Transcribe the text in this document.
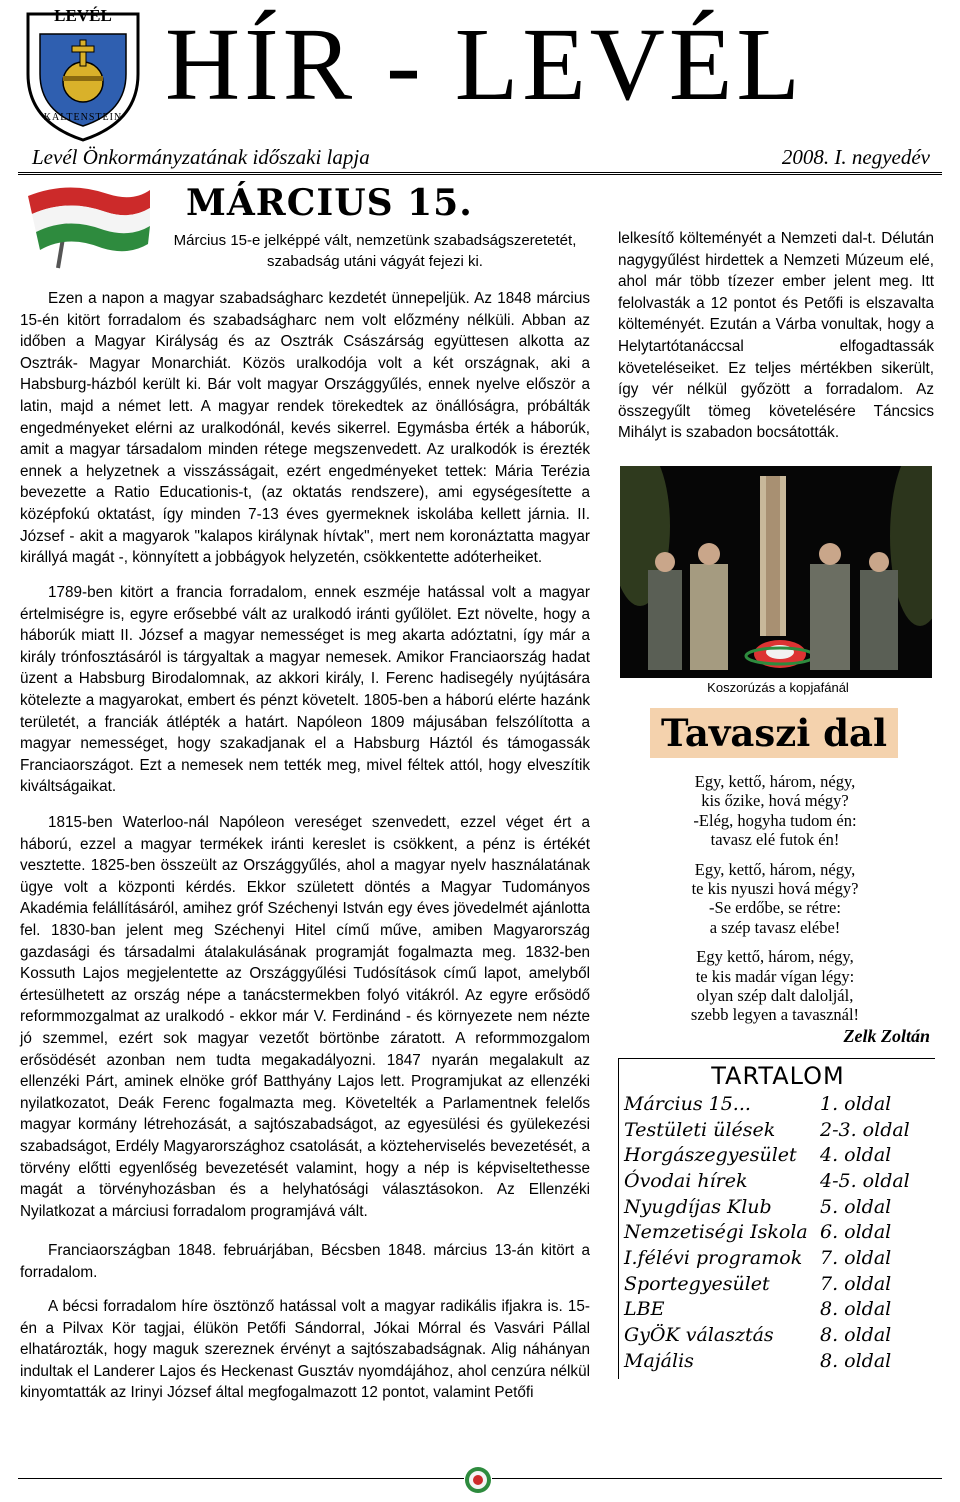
LEVÉL
KALTENSTEIN HÍR - LEVÉL
Levél Önkormányzatának időszaki lapja	2008. I. negyedév
MÁRCIUS 15.
Március 15-e jelképpé vált, nemzetünk szabadságszeretetét, szabadság utáni vágyát fejezi ki.

Ezen a napon a magyar szabadságharc kezdetét ünnepeljük. Az 1848 március 15-én kitört forradalom és szabadságharc nem volt előzmény nélküli. Abban az időben a Magyar Királyság és az Osztrák Császárság együttesen alkotta az Osztrák- Magyar Monarchiát. Közös uralkodója volt a két országnak, aki a Habsburg-házból került ki. Bár volt magyar Országgyűlés, ennek nyelve először a latin, majd a német lett. A magyar rendek törekedtek az önállóságra, próbálták engedményeket elérni az uralkodónál, kevés sikerrel. Egymásba érték a háborúk, amit a magyar társadalom minden rétege megszenvedett. Az uralkodók is érezték ennek a helyzetnek a visszásságait, ezért engedményeket tettek: Mária Terézia bevezette a Ratio Educationis-t, (az oktatás rendszere), ami egységesítette a középfokú oktatást, így minden 7-13 éves gyermeknek iskolába kellett járnia. II. József - akit a magyarok "kalapos királynak hívtak", mert nem koronáztatta magyar királlyá magát -, könnyített a jobbágyok helyzetén, csökkentette adóterheiket.

1789-ben kitört a francia forradalom, ennek eszméje hatással volt a magyar értelmiségre is, egyre erősebbé vált az uralkodó iránti gyűlölet. Ezt növelte, hogy a háborúk miatt II. József a magyar nemességet is meg akarta adóztatni, így már a király trónfosztásáról is tárgyaltak a magyar nemesek. Amikor Franciaország hadat üzent a Habsburg Birodalomnak, az akkori király, I. Ferenc hadisegély nyújtására kötelezte a magyarokat, embert és pénzt követelt. 1805-ben a háború elérte hazánk területét, a franciák átlépték a határt. Napóleon 1809 májusában felszólította a magyar nemességet, hogy szakadjanak el a Habsburg Háztól és támogassák Franciaországot. Ezt a nemesek nem tették meg, mivel féltek attól, hogy elveszítik kiváltságaikat.

1815-ben Waterloo-nál Napóleon vereséget szenvedett, ezzel véget ért a háború, ezzel a magyar termékek iránti kereslet is csökkent, a pénz is értékét vesztette. 1825-ben összeült az Országgyűlés, ahol a magyar nyelv használatának ügye volt a központi kérdés. Ekkor született döntés a Magyar Tudományos Akadémia felállításáról, amihez gróf Széchenyi István egy éves jövedelmét ajánlotta fel. 1830-ban jelent meg Széchenyi Hitel című műve, amiben Magyarország gazdasági és társadalmi átalakulásának programját fogalmazta meg. 1832-ben Kossuth Lajos megjelentette az Országgyűlési Tudósítások című lapot, amelyből értesülhetett az ország népe a tanácstermekben folyó vitákról. Az egyre erősödő reformmozgalmat az uralkodó - ekkor már V. Ferdinánd - és környezete nem nézte jó szemmel, ezért sok magyar vezetőt börtönbe záratott. A reformmozgalom erősödését azonban nem tudta megakadályozni. 1847 nyarán megalakult az ellenzéki Párt, aminek elnöke gróf Batthyány Lajos lett. Programjukat az ellenzéki nyilatkozatot, Deák Ferenc fogalmazta meg. Követelték a Parlamentnek felelős magyar kormány létrehozását, a sajtószabadságot, az egyesülési és gyülekezési szabadságot, Erdély Magyarországhoz csatolását, a közteherviselés bevezetését, a törvény előtti egyenlőség bevezetését valamint, hogy a nép is képviseltethesse magát a törvényhozásban és a helyhatósági választásokon. Az Ellenzéki Nyilatkozat a márciusi forradalom programjává vált.

Franciaországban 1848. februárjában, Bécsben 1848. március 13-án kitört a forradalom.

A bécsi forradalom híre ösztönző hatással volt a magyar radikális ifjakra is. 15-én a Pilvax Kör tagjai, élükön Petőfi Sándorral, Jókai Mórral és Vasvári Pállal elhatározták, hogy maguk szereznek érvényt a sajtószabadságnak. Alig náhányan indultak el Landerer Lajos és Heckenast Gusztáv nyomdájához, ahol cenzúra nélkül kinyomtatták az Irinyi József által megfogalmazott 12 pontot, valamint Petőfi

lelkesítő költeményét a Nemzeti dal-t. Délután nagygyűlést hirdettek a Nemzeti Múzeum elé, ahol már több tízezer ember jelent meg. Itt felolvasták a 12 pontot és Petőfi is elszavalta költeményét. Ezután a Várba vonultak, hogy a Helytartótanáccsal elfogadtassák követeléseiket. Ez teljes mértékben sikerült, így vér nélkül győzött a forradalom. Az összegyűlt tömeg követelésére Táncsics Mihályt is szabadon bocsátották.
Koszorúzás a kopjafánál
Tavaszi dal
Egy, kettő, három, négy,
kis őzike, hová mégy?
-Elég, hogyha tudom én:
tavasz elé futok én!
Egy, kettő, három, négy,
te kis nyuszi hová mégy?
-Se erdőbe, se rétre:
a szép tavasz elébe!
Egy kettő, három, négy,
te kis madár vígan légy:
olyan szép dalt daloljál,
szebb legyen a tavasznál!
Zelk Zoltán
TARTALOM
Március 15...	1. oldal
Testületi ülések 2-3. oldal
Horgászegyesület 4. oldal
Óvodai hírek	4-5. oldal
Nyugdíjas Klub	5. oldal
Nemzetiségi Iskola 6. oldal
I.félévi programok 7. oldal
Sportegyesület	7. oldal
LBE	8. oldal
GyÖK választás 8. oldal
Majális	8. oldal
